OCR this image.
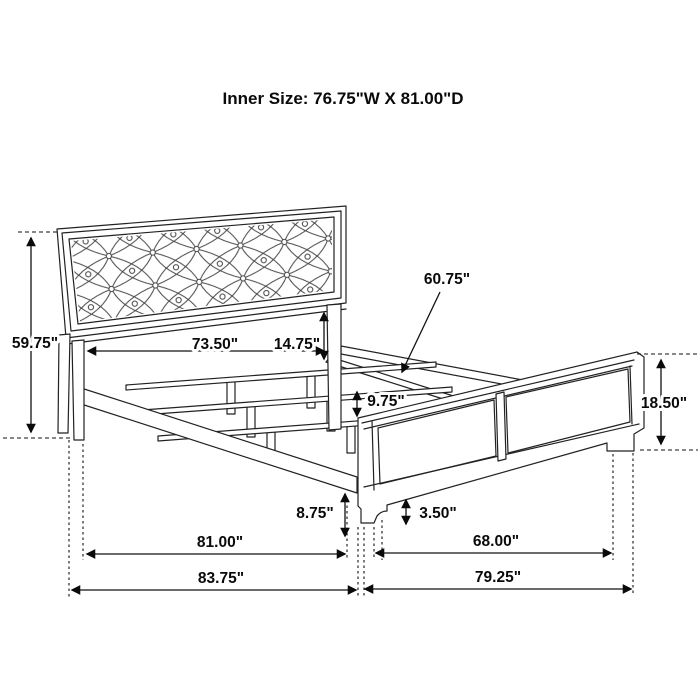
59.75"	73.50" 14.75"
60.75"
9.75"	18.50"
8.75"	3.50"
81.00"
83.75"
68.00"
79.25"
Inner Size: 76.75"W X 81.00"D
